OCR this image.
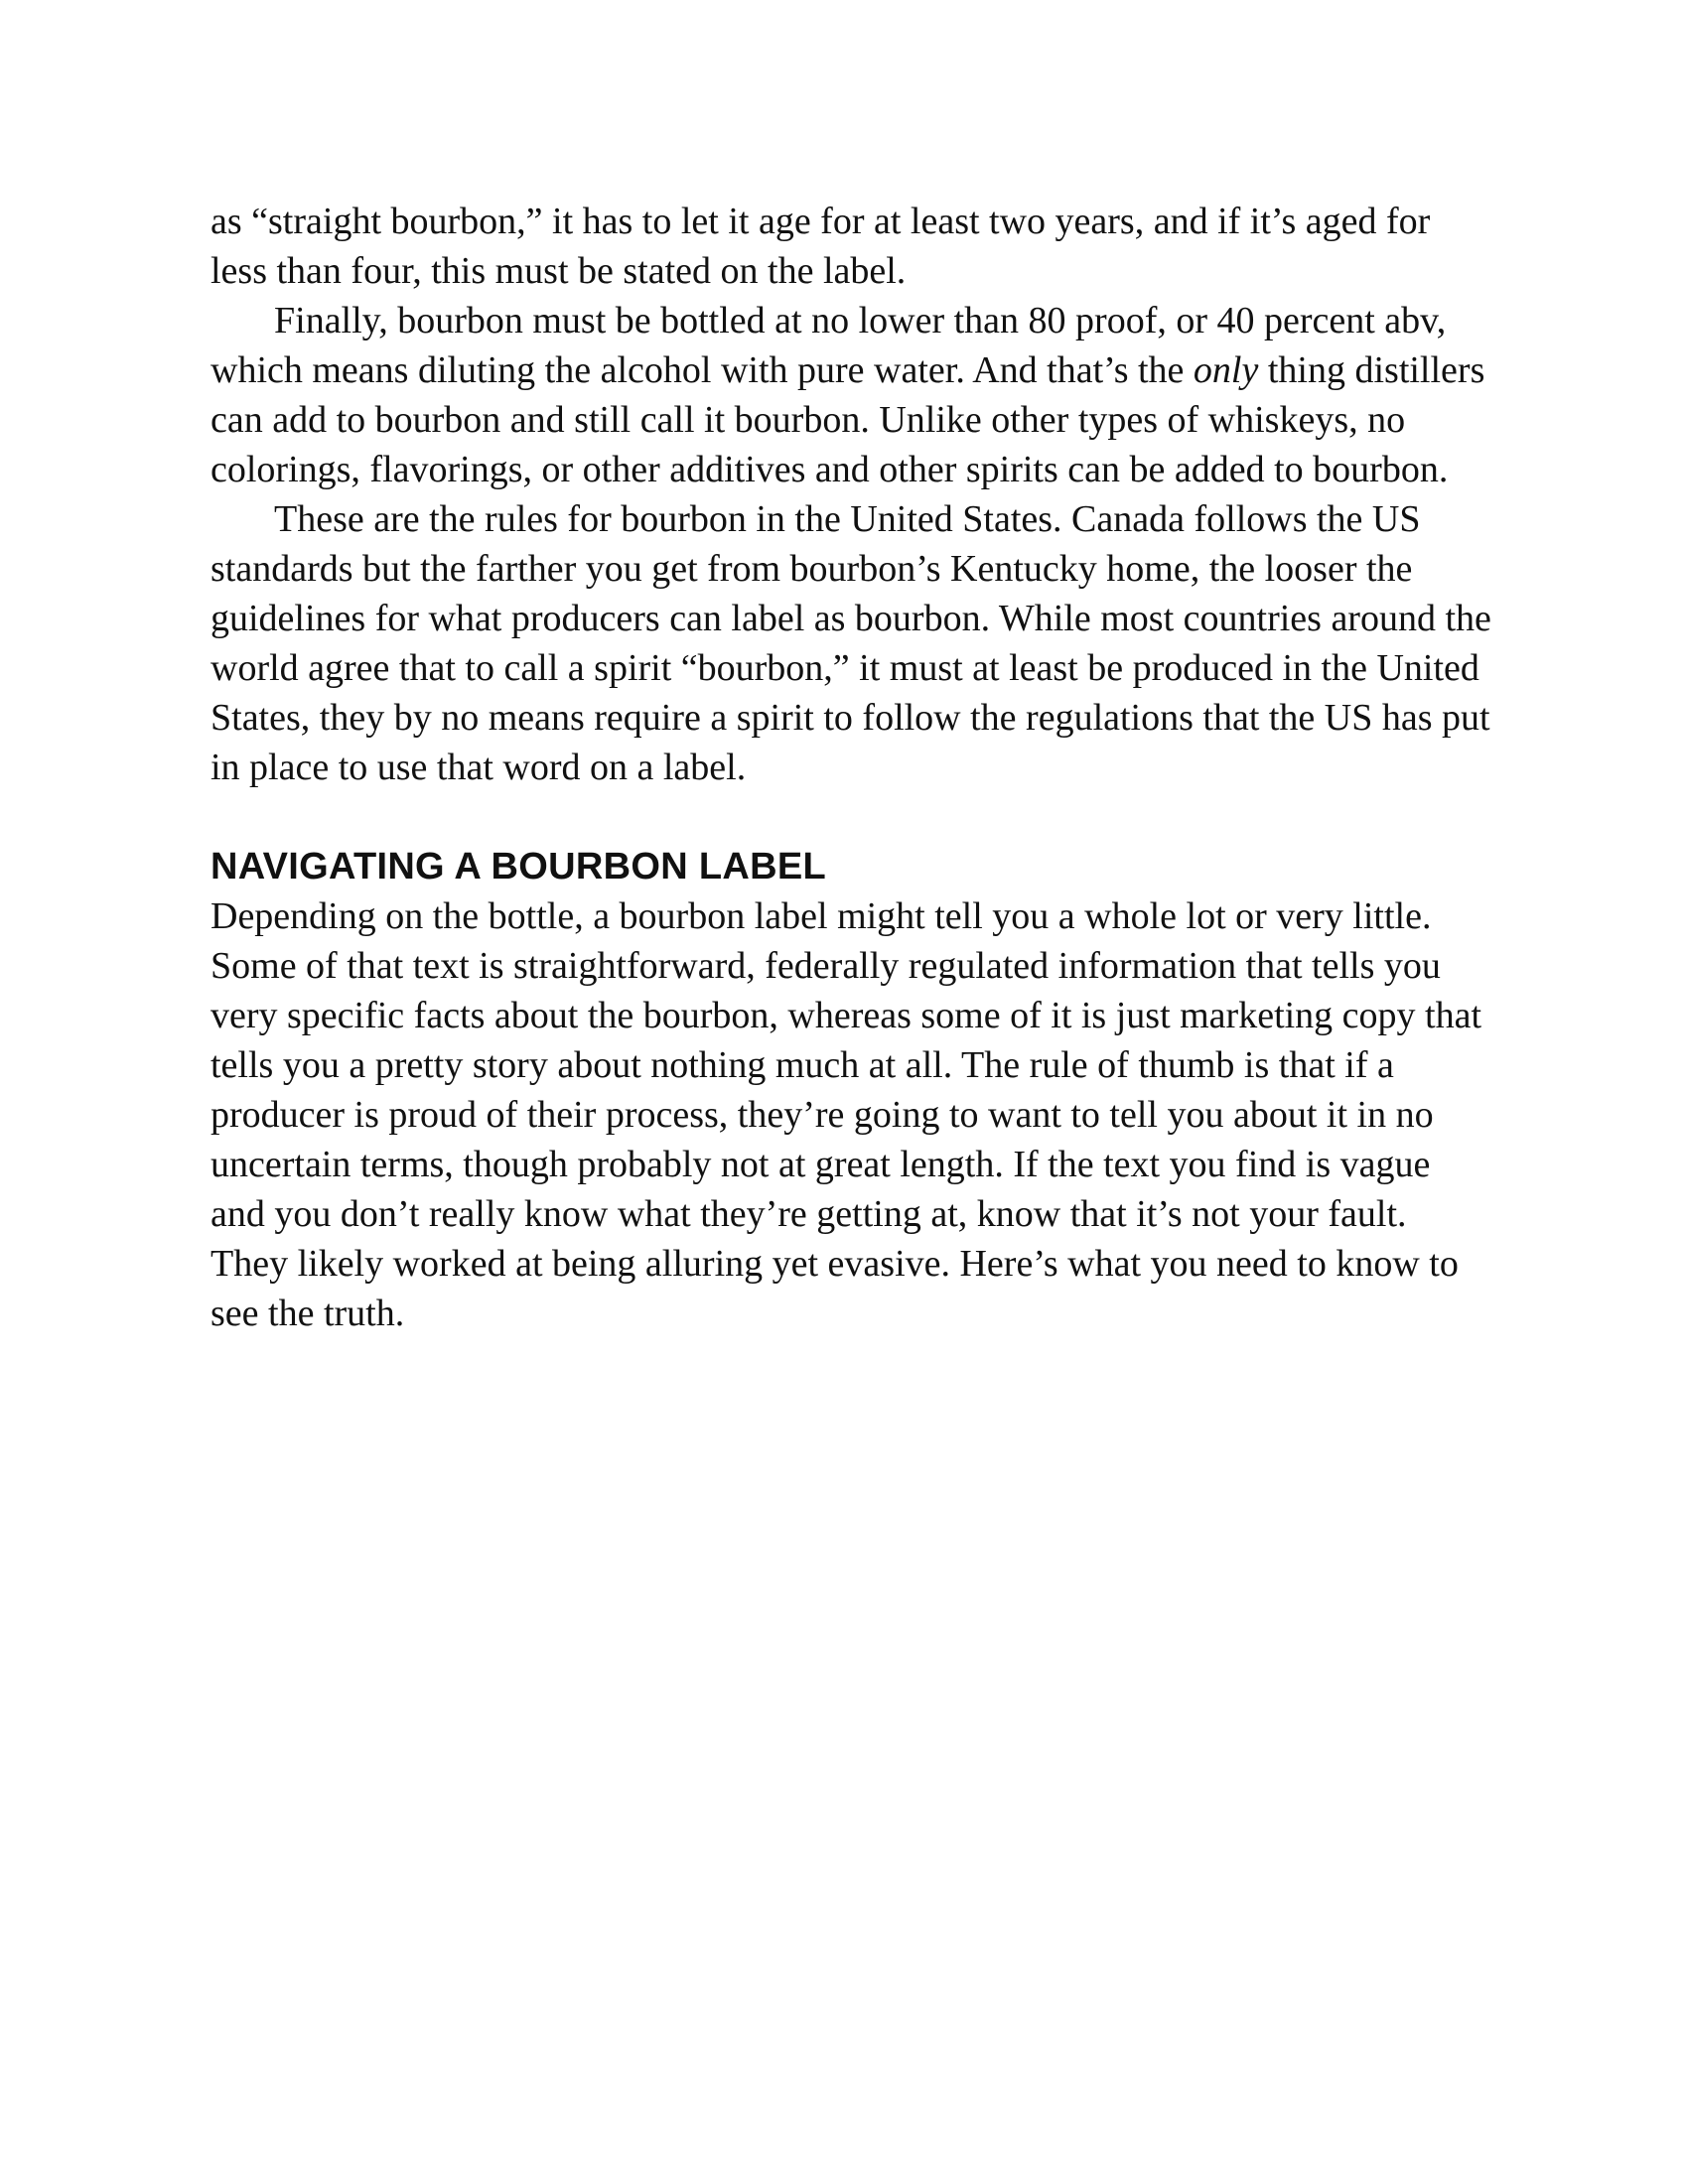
as “straight bourbon,” it has to let it age for at least two years, and if it’s aged for less than four, this must be stated on the label.

Finally, bourbon must be bottled at no lower than 80 proof, or 40 percent abv, which means diluting the alcohol with pure water. And that’s the only thing distillers can add to bourbon and still call it bourbon. Unlike other types of whiskeys, no colorings, flavorings, or other additives and other spirits can be added to bourbon.

These are the rules for bourbon in the United States. Canada follows the US standards but the farther you get from bourbon’s Kentucky home, the looser the guidelines for what producers can label as bourbon. While most countries around the world agree that to call a spirit “bourbon,” it must at least be produced in the United States, they by no means require a spirit to follow the regulations that the US has put in place to use that word on a label.

NAVIGATING A BOURBON LABEL

Depending on the bottle, a bourbon label might tell you a whole lot or very little. Some of that text is straightforward, federally regulated information that tells you very specific facts about the bourbon, whereas some of it is just marketing copy that tells you a pretty story about nothing much at all. The rule of thumb is that if a producer is proud of their process, they’re going to want to tell you about it in no uncertain terms, though probably not at great length. If the text you find is vague and you don’t really know what they’re getting at, know that it’s not your fault. They likely worked at being alluring yet evasive. Here’s what you need to know to see the truth.
